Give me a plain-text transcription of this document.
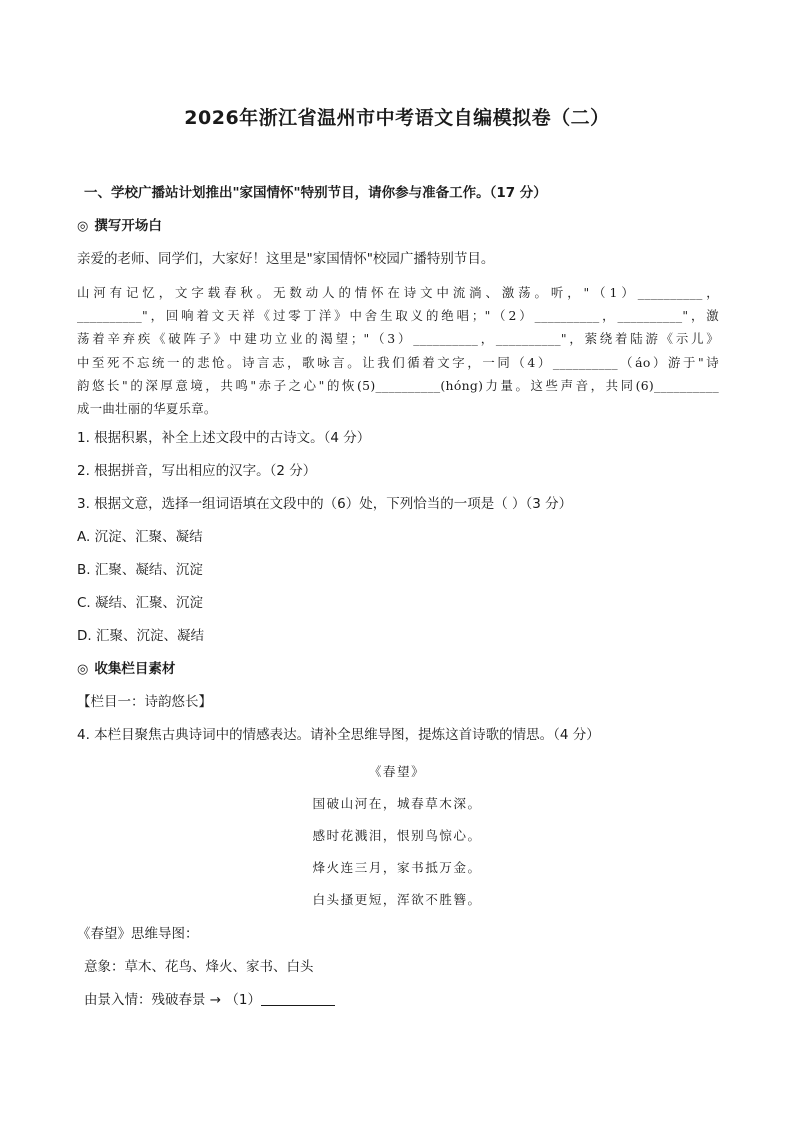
2026年浙江省温州市中考语文自编模拟卷（二）
一、学校广播站计划推出"家国情怀"特别节目，请你参与准备工作。（17 分）
◎ 撰写开场白
亲爱的老师、同学们，大家好！这里是"家国情怀"校园广播特别节目。
山河有记忆，文字载春秋。无数动人的情怀在诗文中流淌、激荡。听，"（1）__________，
__________"，回响着文天祥《过零丁洋》中舍生取义的绝唱；"（2）__________，__________"，激
荡着辛弃疾《破阵子》中建功立业的渴望；"（3）__________，__________"，萦绕着陆游《示儿》
中至死不忘统一的悲怆。诗言志，歌咏言。让我们循着文字，一同（4）__________（áo）游于"诗
韵悠长"的深厚意境，共鸣"赤子之心"的恢(5)__________(hóng)力量。这些声音，共同(6)__________
成一曲壮丽的华夏乐章。
1. 根据积累，补全上述文段中的古诗文。（4 分）
2. 根据拼音，写出相应的汉字。（2 分）
3. 根据文意，选择一组词语填在文段中的（6）处，下列恰当的一项是（ ）（3 分）
A. 沉淀、汇聚、凝结
B. 汇聚、凝结、沉淀
C. 凝结、汇聚、沉淀
D. 汇聚、沉淀、凝结
◎ 收集栏目素材
【栏目一：诗韵悠长】
4. 本栏目聚焦古典诗词中的情感表达。请补全思维导图，提炼这首诗歌的情思。（4 分）
《春望》
国破山河在，城春草木深。
感时花溅泪，恨别鸟惊心。
烽火连三月，家书抵万金。
白头搔更短，浑欲不胜簪。
《春望》思维导图：
意象：草木、花鸟、烽火、家书、白头
由景入情：残破春景 → （1）
